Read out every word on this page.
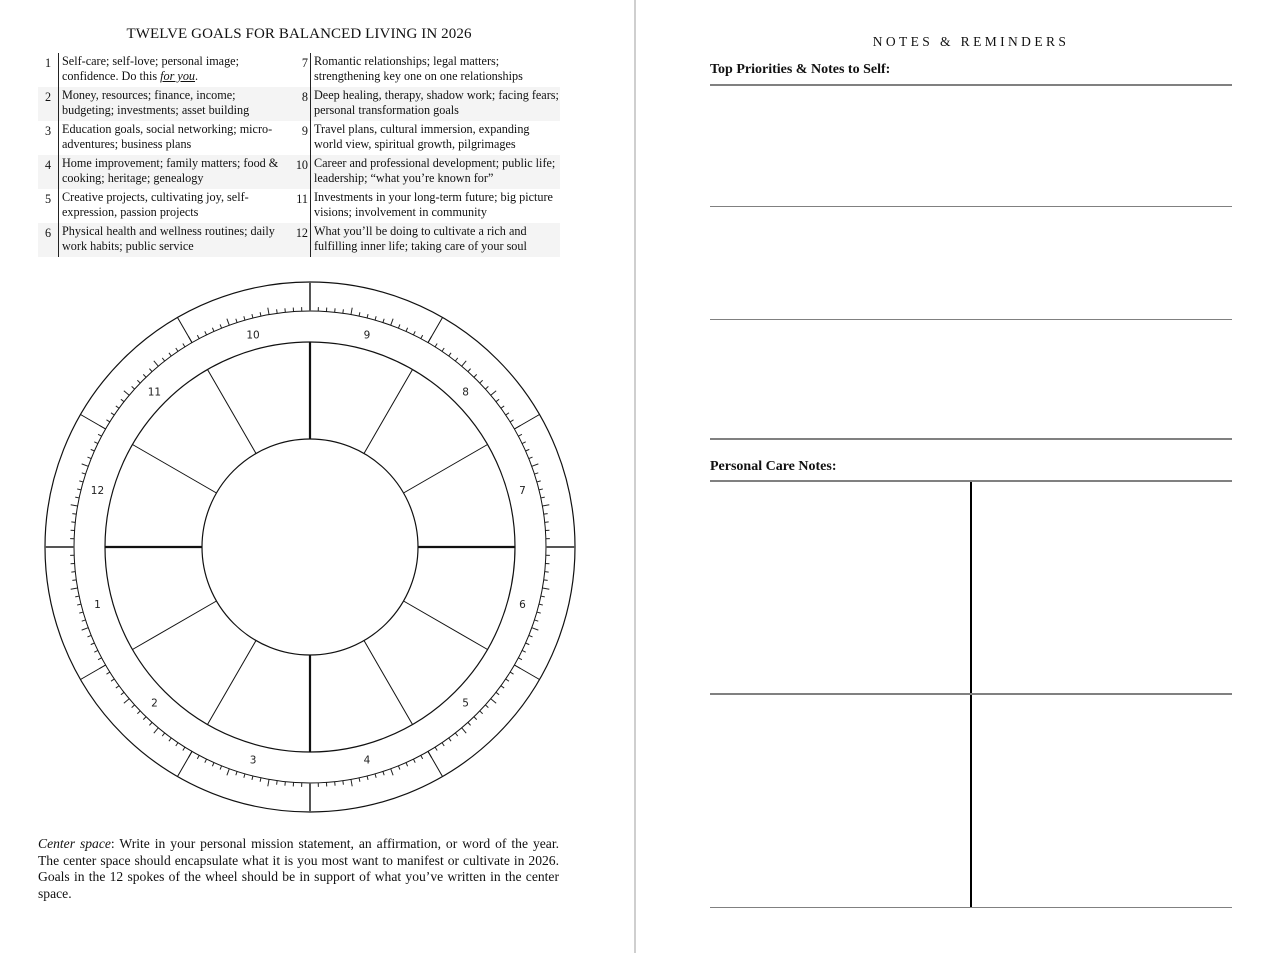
TWELVE GOALS FOR BALANCED LIVING IN 2026
1	Self-care; self-love; personal image; confidence. Do this for you.	7	Romantic relationships; legal matters; strengthening key one on one relationships
2	Money, resources; finance, income; budgeting; investments; asset building	8	Deep healing, therapy, shadow work; facing fears; personal transformation goals
3	Education goals, social networking; micro-adventures; business plans	9	Travel plans, cultural immersion, expanding world view, spiritual growth, pilgrimages
4	Home improvement; family matters; food & cooking; heritage; genealogy	10	Career and professional development; public life; leadership; “what you’re known for”
5	Creative projects, cultivating joy, self-expression, passion projects	11	Investments in your long-term future; big picture visions; involvement in community
6	Physical health and wellness routines; daily work habits; public service	12	What you’ll be doing to cultivate a rich and fulfilling inner life; taking care of your soul
1
2
3	4
5
6
7
8
9
10
11
12
Center space: Write in your personal mission statement, an affirmation, or word of the year. The center space should encapsulate what it is you most want to manifest or cultivate in 2026. Goals in the 12 spokes of the wheel should be in support of what you’ve written in the center space.
NOTES & REMINDERS
Top Priorities & Notes to Self:
Personal Care Notes:
